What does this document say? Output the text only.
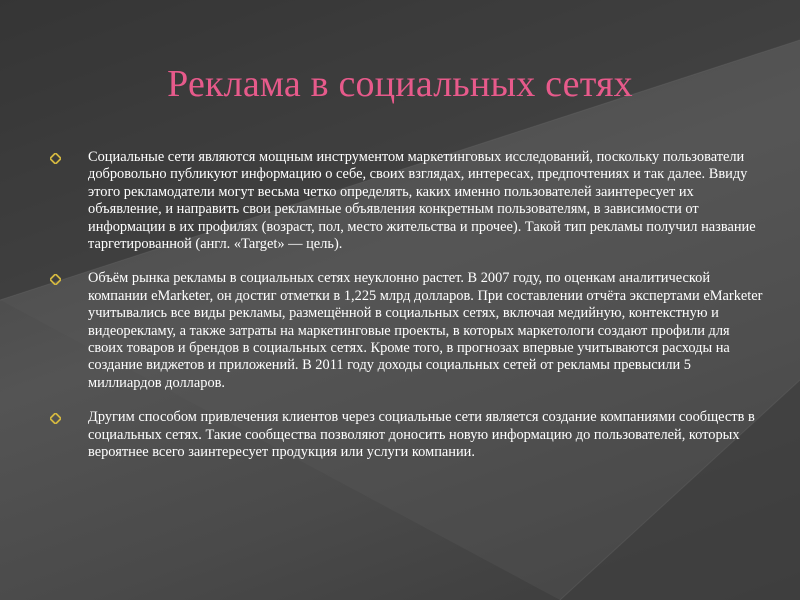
Реклама в социальных сетях
Социальные сети являются мощным инструментом маркетинговых исследований, поскольку пользователи добровольно публикуют информацию о себе, своих взглядах, интересах, предпочтениях и так далее. Ввиду этого рекламодатели могут весьма четко определять, каких именно пользователей заинтересует их объявление, и направить свои рекламные объявления конкретным пользователям, в зависимости от информации в их профилях (возраст, пол, место жительства и прочее). Такой тип рекламы получил название таргетированной (англ. «Target» — цель).
Объём рынка рекламы в социальных сетях неуклонно растет. В 2007 году, по оценкам аналитической компании eMarketer, он достиг отметки в 1,225 млрд долларов. При составлении отчёта экспертами eMarketer учитывались все виды рекламы, размещённой в социальных сетях, включая медийную, контекстную и видеорекламу, а также затраты на маркетинговые проекты, в которых маркетологи создают профили для своих товаров и брендов в социальных сетях. Кроме того, в прогнозах впервые учитываются расходы на создание виджетов и приложений. В 2011 году доходы социальных сетей от рекламы превысили 5 миллиардов долларов.
Другим способом привлечения клиентов через социальные сети является создание компаниями сообществ в социальных сетях. Такие сообщества позволяют доносить новую информацию до пользователей, которых вероятнее всего заинтересует продукция или услуги компании.
